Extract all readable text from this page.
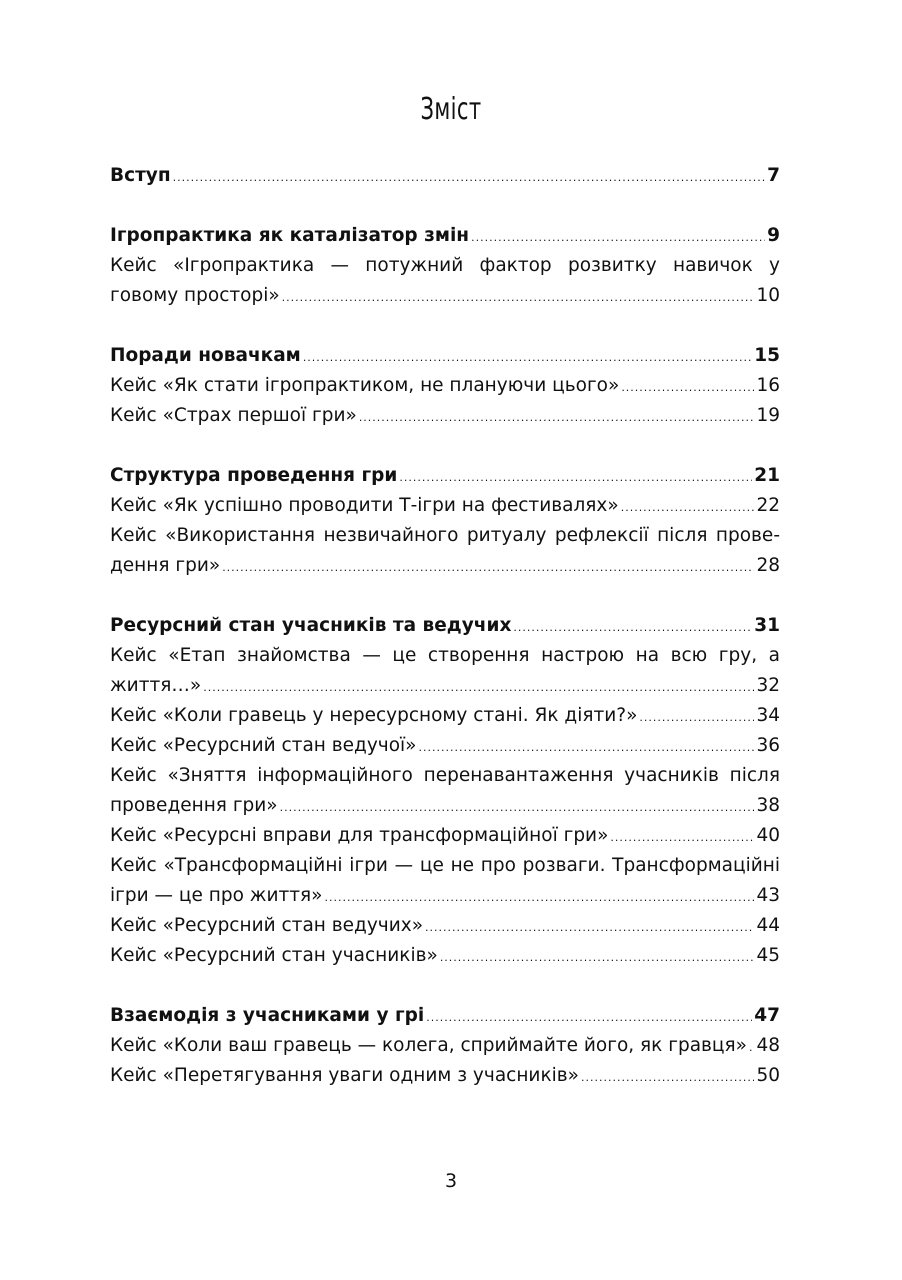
Зміст
Вступ .....	7
Ігропрактика як каталізатор змін .....	9
Кейс «Ігропрактика — потужний фактор розвитку навичок у
говому просторі» .....	10
Поради новачкам .....	15
Кейс «Як стати ігропрактиком, не плануючи цього» .....	16
Кейс «Страх першої гри» .....	19
Структура проведення гри .....	21
Кейс «Як успішно проводити Т-ігри на фестивалях» .....	22
Кейс «Використання незвичайного ритуалу рефлексії після прове-
дення гри» .....	28
Ресурсний стан учасників та ведучих .....	31
Кейс «Етап знайомства — це створення настрою на всю гру, а
життя…» .....	32
Кейс «Коли гравець у нересурсному стані. Як діяти?» .....	34
Кейс «Ресурсний стан ведучої» .....	36
Кейс «Зняття інформаційного перенавантаження учасників після
проведення гри» .....	38
Кейс «Ресурсні вправи для трансформаційної гри» .....	40
Кейс «Трансформаційні ігри — це не про розваги. Трансформаційні
ігри — це про життя» .....	43
Кейс «Ресурсний стан ведучих» .....	44
Кейс «Ресурсний стан учасників» .....	45
Взаємодія з учасниками у грі .....	47
Кейс «Коли ваш гравець — колега, сприймайте його, як гравця» ..... 48
Кейс «Перетягування уваги одним з учасників» .....	50
3
